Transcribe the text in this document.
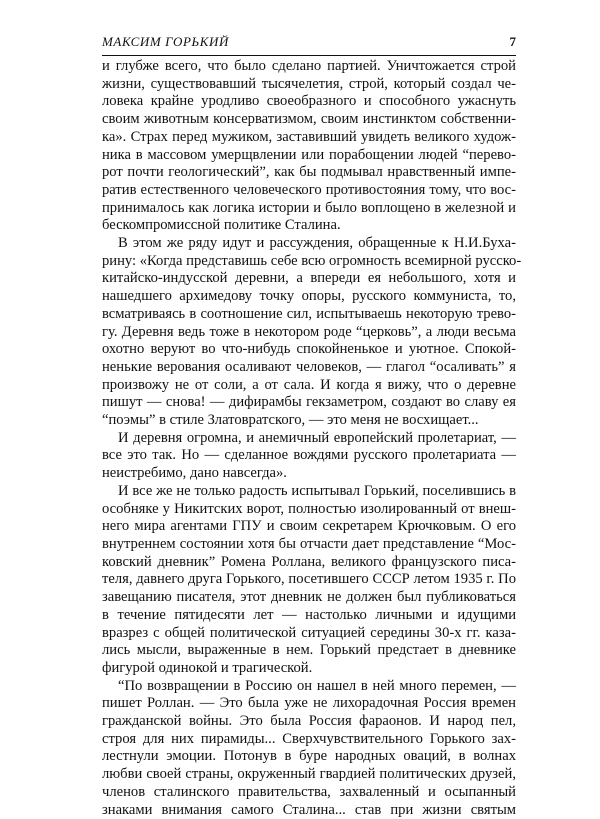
МАКСИМ ГОРЬКИЙ	7
и глубже всего, что было сделано партией. Уничтожается строй
жизни, существовавший тысячелетия, строй, который создал че-
ловека крайне уродливо своеобразного и способного ужаснуть
своим животным консерватизмом, своим инстинктом собственни-
ка». Страх перед мужиком, заставивший увидеть великого худож-
ника в массовом умерщвлении или порабощении людей “перево-
рот почти геологический”, как бы подмывал нравственный импе-
ратив естественного человеческого противостояния тому, что вос-
принималось как логика истории и было воплощено в железной и
бескомпромиссной политике Сталина.
В этом же ряду идут и рассуждения, обращенные к Н.И.Буха-
рину: «Когда представишь себе всю огромность всемирной русско-
китайско-индусской деревни, а впереди ея небольшого, хотя и
нашедшего архимедову точку опоры, русского коммуниста, то,
всматриваясь в соотношение сил, испытываешь некоторую трево-
гу. Деревня ведь тоже в некотором роде “церковь”, а люди весьма
охотно веруют во что-нибудь спокойненькое и уютное. Спокой-
ненькие верования осаливают человеков, — глагол “осаливать” я
произвожу не от соли, а от сала. И когда я вижу, что о деревне
пишут — снова! — дифирамбы гекзаметром, создают во славу ея
“поэмы” в стиле Златовратского, — это меня не восхищает...
И деревня огромна, и анемичный европейский пролетариат, —
все это так. Но — сделанное вождями русского пролетариата —
неистребимо, дано навсегда».
И все же не только радость испытывал Горький, поселившись в
особняке у Никитских ворот, полностью изолированный от внеш-
него мира агентами ГПУ и своим секретарем Крючковым. О его
внутреннем состоянии хотя бы отчасти дает представление “Мос-
ковский дневник” Ромена Роллана, великого французского писа-
теля, давнего друга Горького, посетившего СССР летом 1935 г. По
завещанию писателя, этот дневник не должен был публиковаться
в течение пятидесяти лет — настолько личными и идущими
вразрез с общей политической ситуацией середины 30-х гг. каза-
лись мысли, выраженные в нем. Горький предстает в дневнике
фигурой одинокой и трагической.
“По возвращении в Россию он нашел в ней много перемен, —
пишет Роллан. — Это была уже не лихорадочная Россия времен
гражданской войны. Это была Россия фараонов. И народ пел,
строя для них пирамиды... Сверхчувствительного Горького зах-
лестнули эмоции. Потонув в буре народных оваций, в волнах
любви своей страны, окруженный гвардией политических друзей,
членов сталинского правительства, захваленный и осыпанный
знаками внимания самого Сталина... став при жизни святым
